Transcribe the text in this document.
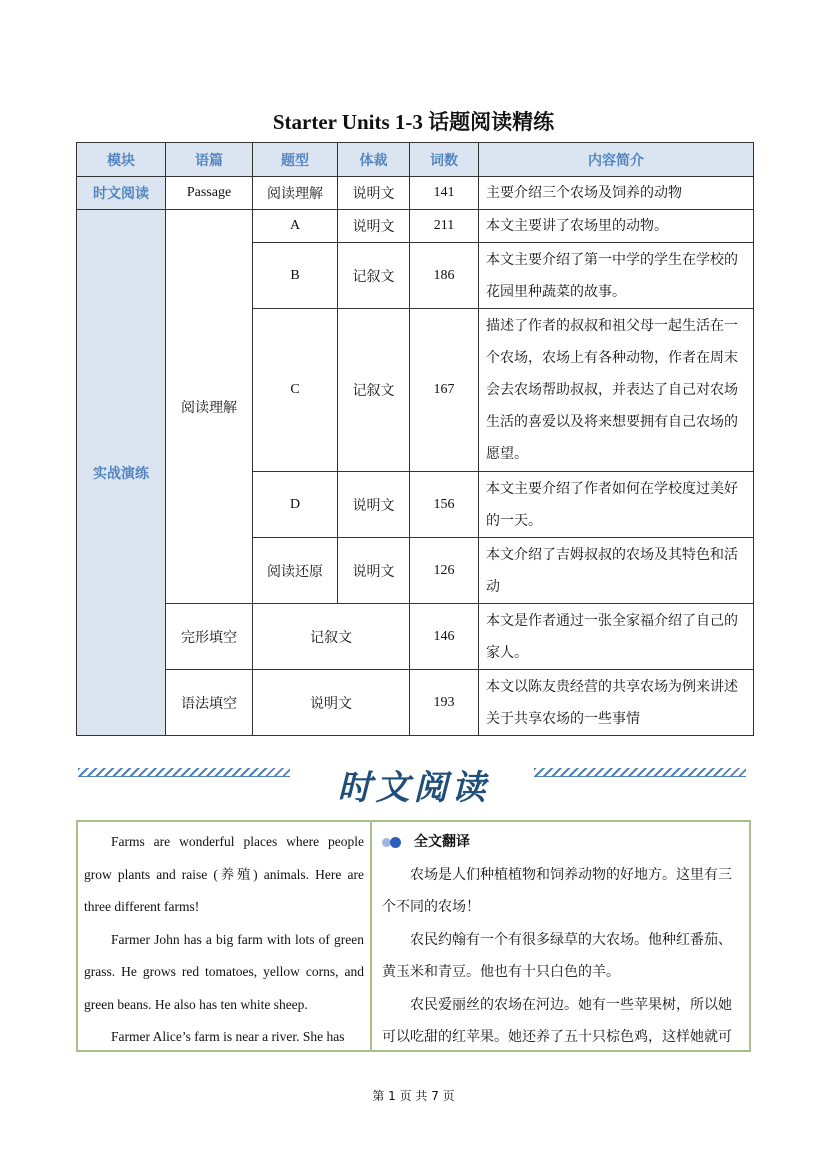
Starter Units 1-3 话题阅读精练
模块	语篇	题型	体裁	词数	内容简介
时文阅读	Passage	阅读理解	说明文	141	主要介绍三个农场及饲养的动物
实战演练	阅读理解	A	说明文	211	本文主要讲了农场里的动物。
		B	记叙文	186	本文主要介绍了第一中学的学生在学校的花园里种蔬菜的故事。
		C	记叙文	167	描述了作者的叔叔和祖父母一起生活在一个农场，农场上有各种动物，作者在周末会去农场帮助叔叔，并表达了自己对农场生活的喜爱以及将来想要拥有自己农场的愿望。
		D	说明文	156	本文主要介绍了作者如何在学校度过美好的一天。
		阅读还原	说明文	126	本文介绍了吉姆叔叔的农场及其特色和活动
	完形填空	记叙文		146	本文是作者通过一张全家福介绍了自己的家人。
	语法填空	说明文		193	本文以陈友贵经营的共享农场为例来讲述关于共享农场的一些事情
时文阅读

Farms are wonderful places where people grow plants and raise (养殖) animals. Here are three different farms!

Farmer John has a big farm with lots of green grass. He grows red tomatoes, yellow corns, and green beans. He also has ten white sheep.

Farmer Alice’s farm is near a river. She has

全文翻译

农场是人们种植植物和饲养动物的好地方。这里有三个不同的农场！

农民约翰有一个有很多绿草的大农场。他种红番茄、黄玉米和青豆。他也有十只白色的羊。

农民爱丽丝的农场在河边。她有一些苹果树，所以她可以吃甜的红苹果。她还养了五十只棕色鸡，这样她就可

第 1 页 共 7 页
